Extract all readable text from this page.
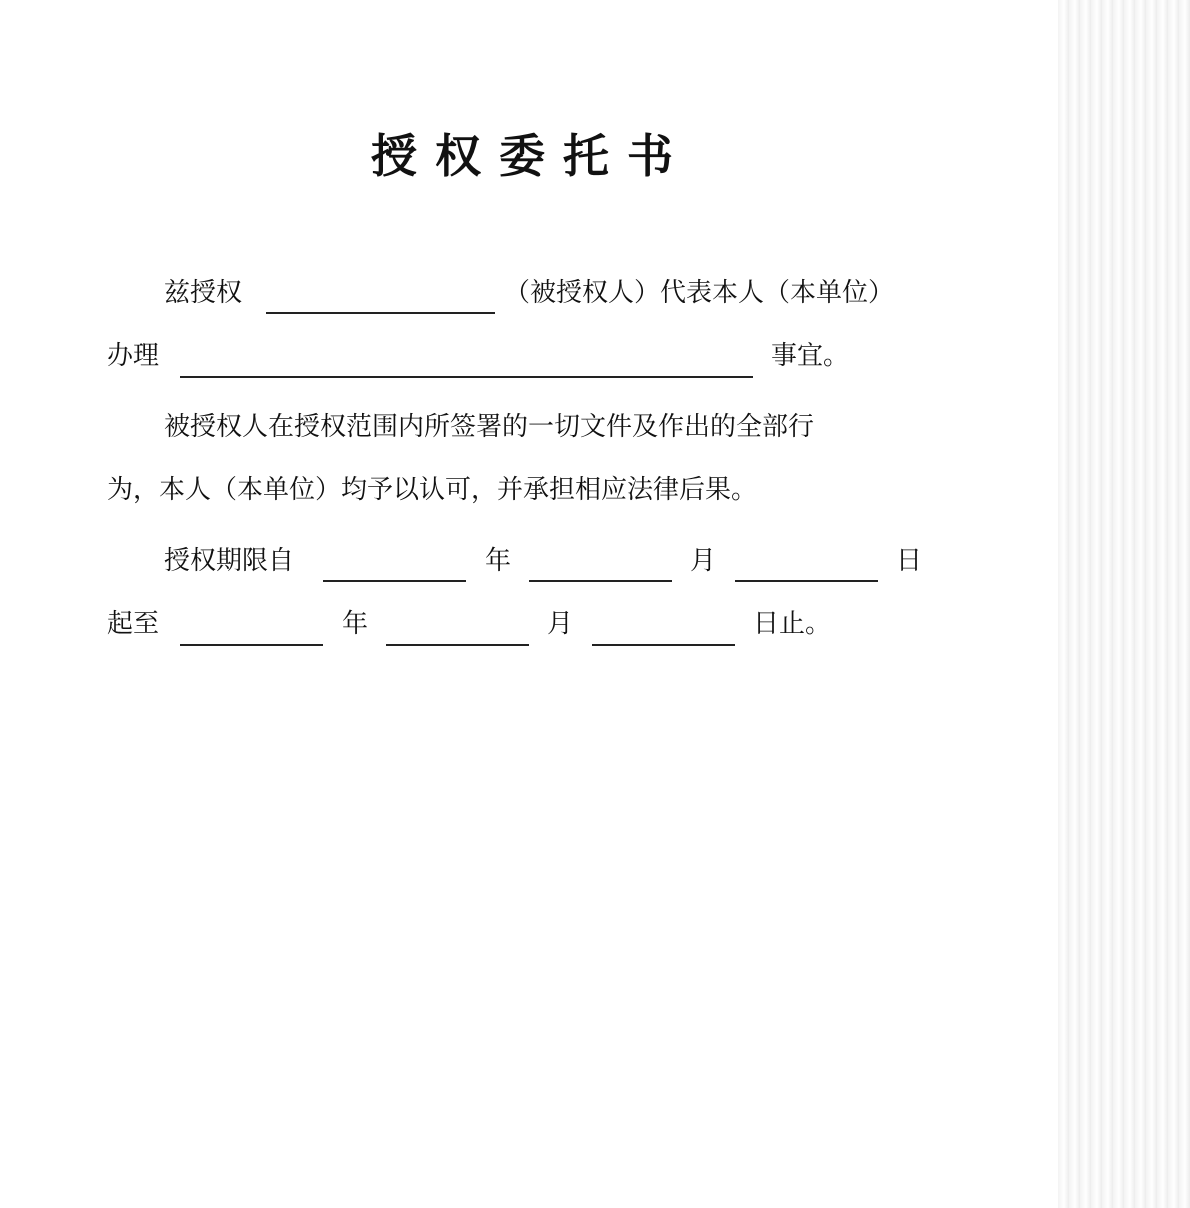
授权委托书
兹授权	（被授权人）代表本人（本单位）
办理	事宜。
被授权人在授权范围内所签署的一切文件及作出的全部行
为，本人（本单位）均予以认可，并承担相应法律后果。
授权期限自	年	月	日
起至	年	月	日止。
